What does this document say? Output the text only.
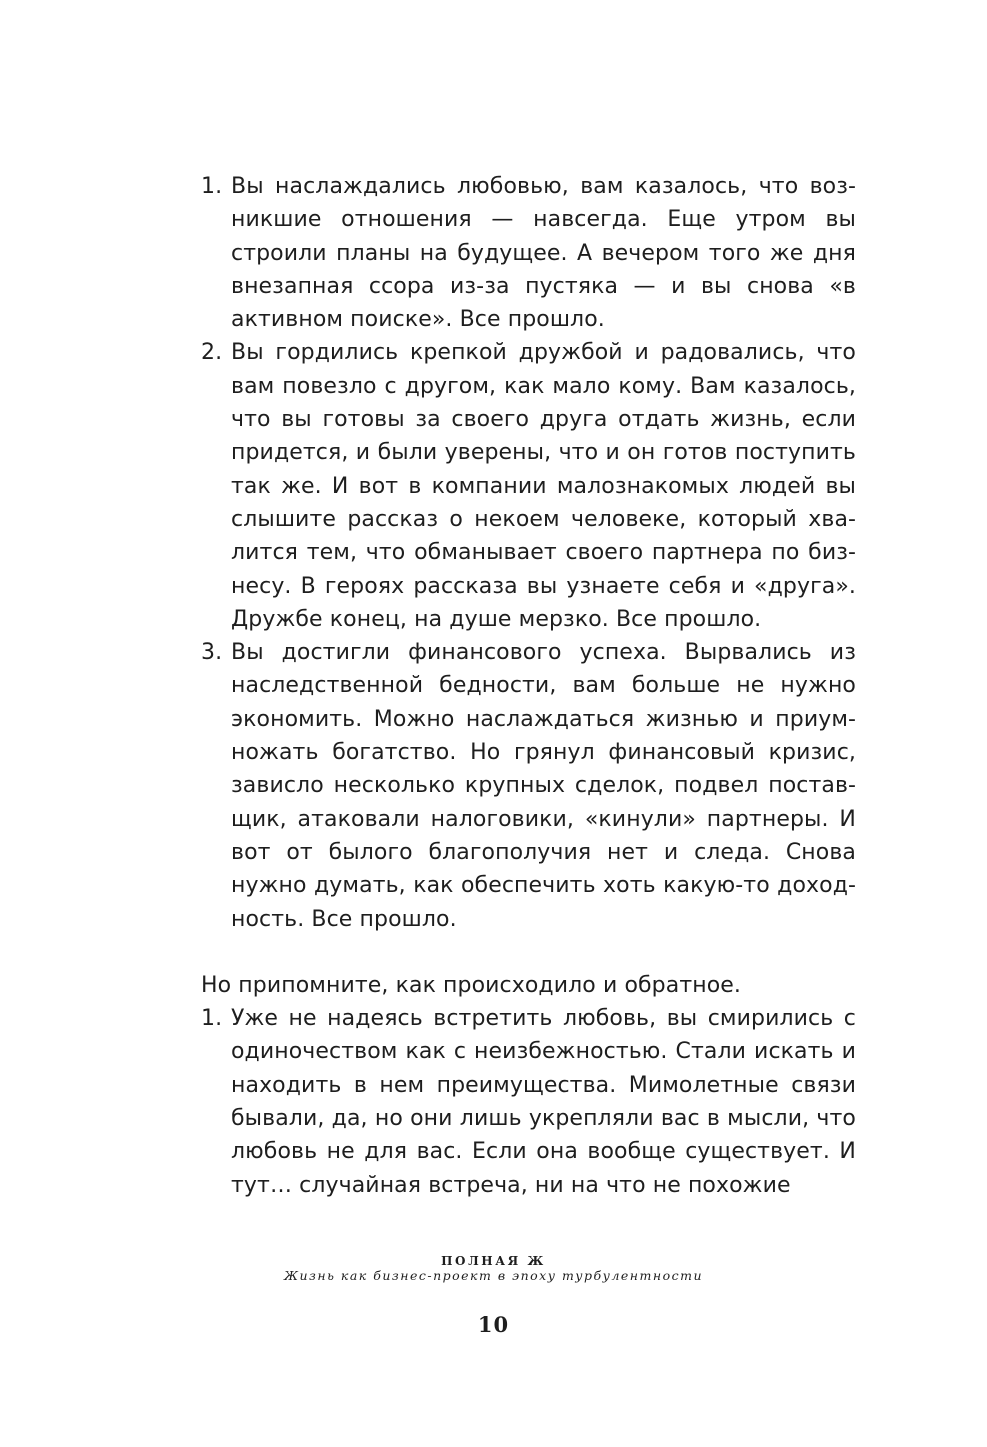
1. Вы наслаждались любовью, вам казалось, что возникшие отношения — навсегда. Еще утром вы строили планы на будущее. А вечером того же дня внезапная ссора из-за пустяка — и вы снова «в активном поиске». Все прошло.
2. Вы гордились крепкой дружбой и радовались, что вам повезло с другом, как мало кому. Вам казалось, что вы готовы за своего друга отдать жизнь, если придется, и были уверены, что и он готов поступить так же. И вот в компании малознакомых людей вы слышите рассказ о некоем человеке, который хвалится тем, что обманывает своего партнера по бизнесу. В героях рассказа вы узнаете себя и «друга». Дружбе конец, на душе мерзко. Все прошло.
3. Вы достигли финансового успеха. Вырвались из наследственной бедности, вам больше не нужно экономить. Можно наслаждаться жизнью и приумножать богатство. Но грянул финансовый кризис, зависло несколько крупных сделок, подвел поставщик, атаковали налоговики, «кинули» партнеры. И вот от былого благополучия нет и следа. Снова нужно думать, как обеспечить хоть какую-то доходность. Все прошло.

Но припомните, как происходило и обратное.

1. Уже не надеясь встретить любовь, вы смирились с одиночеством как с неизбежностью. Стали искать и находить в нем преимущества. Мимолетные связи бывали, да, но они лишь укрепляли вас в мысли, что любовь не для вас. Если она вообще существует. И тут… случайная встреча, ни на что не похожие
ПОЛНАЯ Ж
Жизнь как бизнес-проект в эпоху турбулентности
10
